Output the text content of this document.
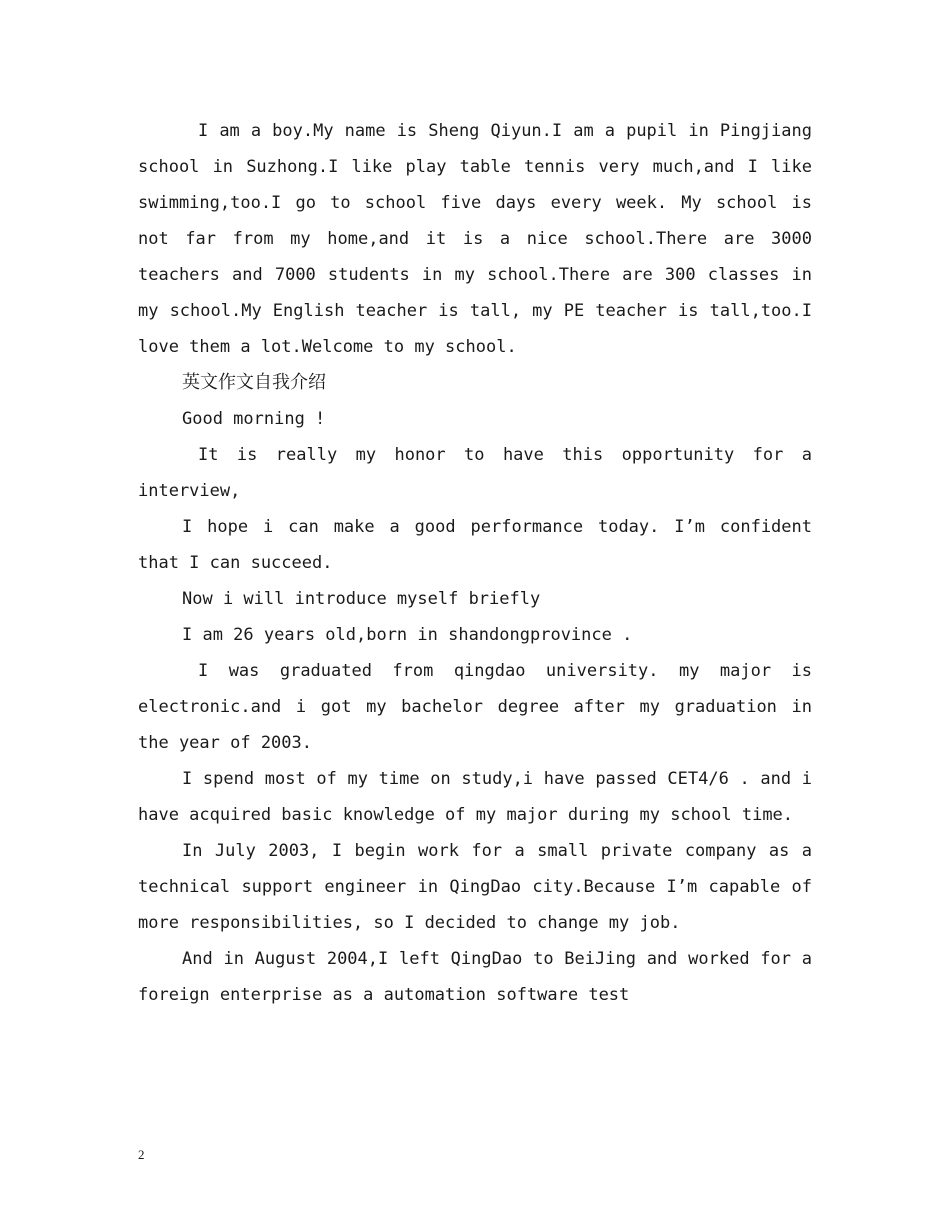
I am a boy.My name is Sheng Qiyun.I am a pupil in Pingjiang school in Suzhong.I like play table tennis very much,and I like swimming,too.I go to school five days every week. My school is not far from my home,and it is a nice school.There are 3000 teachers and 7000 students in my school.There are 300 classes in my school.My English teacher is tall, my PE teacher is tall,too.I love them a lot.Welcome to my school.

英文作文自我介绍

Good morning !

It is really my honor to have this opportunity for a interview,

I hope i can make a good performance today. I’m confident that I can succeed.

Now i will introduce myself briefly

I am 26 years old,born in shandongprovince .

I was graduated from qingdao university. my major is electronic.and i got my bachelor degree after my graduation in the year of 2003.

I spend most of my time on study,i have passed CET4/6 . and i have acquired basic knowledge of my major during my school time.

In July 2003, I begin work for a small private company as a technical support engineer in QingDao city.Because I’m capable of more responsibilities, so I decided to change my job.

And in August 2004,I left QingDao to BeiJing and worked for a foreign enterprise as a automation software test

2
